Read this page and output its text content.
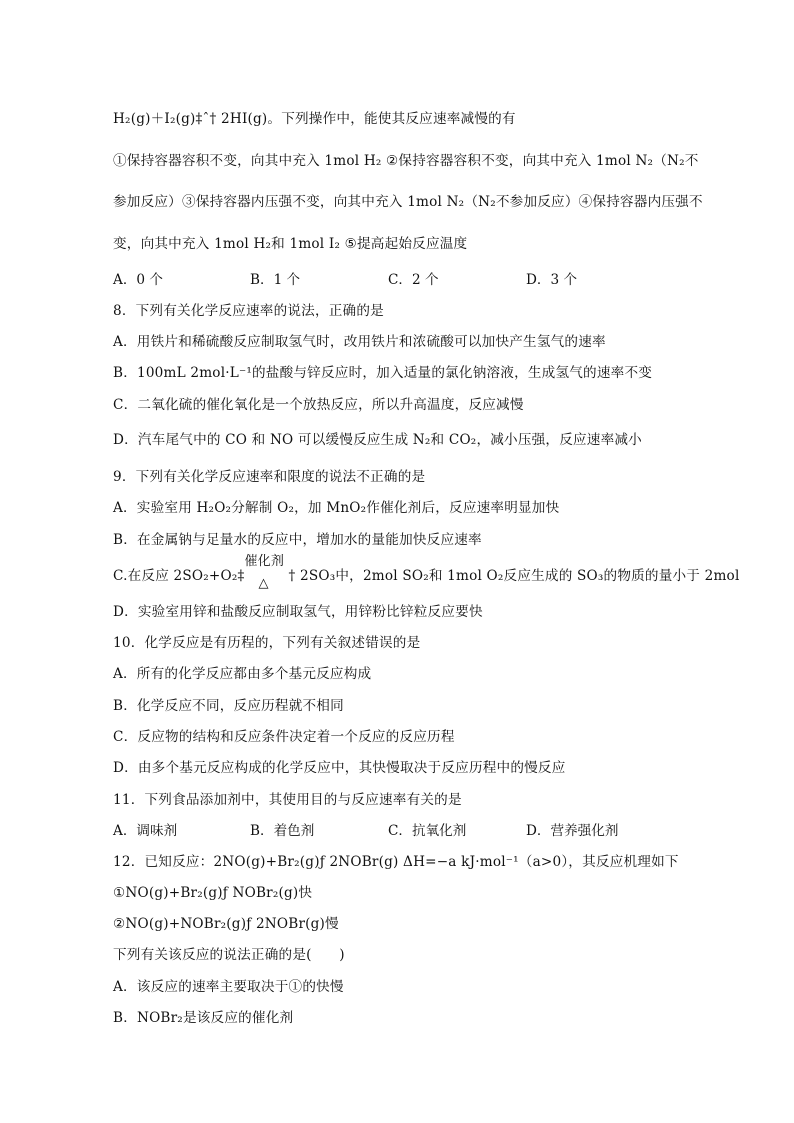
H₂(g)＋I₂(g)‡ˆ† 2HI(g)。下列操作中，能使其反应速率减慢的有
①保持容器容积不变，向其中充入 1mol H₂ ②保持容器容积不变，向其中充入 1mol N₂（N₂不
参加反应）③保持容器内压强不变，向其中充入 1mol N₂（N₂不参加反应）④保持容器内压强不
变，向其中充入 1mol H₂和 1mol I₂ ⑤提高起始反应温度
A．0 个	B．1 个	C．2 个	D．3 个
8．下列有关化学反应速率的说法，正确的是
A．用铁片和稀硫酸反应制取氢气时，改用铁片和浓硫酸可以加快产生氢气的速率
B．100mL 2mol·L⁻¹的盐酸与锌反应时，加入适量的氯化钠溶液，生成氢气的速率不变
C．二氧化硫的催化氧化是一个放热反应，所以升高温度，反应减慢
D．汽车尾气中的 CO 和 NO 可以缓慢反应生成 N₂和 CO₂，减小压强，反应速率减小
9．下列有关化学反应速率和限度的说法不正确的是
A．实验室用 H₂O₂分解制 O₂，加 MnO₂作催化剂后，反应速率明显加快
B．在金属钠与足量水的反应中，增加水的量能加快反应速率
C.在反应 2SO₂+O₂‡
催化剂
△ † 2SO₃中，2mol SO₂和 1mol O₂反应生成的 SO₃的物质的量小于 2mol
D．实验室用锌和盐酸反应制取氢气，用锌粉比锌粒反应要快
10．化学反应是有历程的，下列有关叙述错误的是
A．所有的化学反应都由多个基元反应构成
B．化学反应不同，反应历程就不相同
C．反应物的结构和反应条件决定着一个反应的反应历程
D．由多个基元反应构成的化学反应中，其快慢取决于反应历程中的慢反应
11．下列食品添加剂中，其使用目的与反应速率有关的是
A．调味剂	B．着色剂	C．抗氧化剂	D．营养强化剂
12．已知反应：2NO(g)+Br₂(g)ƒ 2NOBr(g) ΔH=−a kJ·mol⁻¹（a>0），其反应机理如下
①NO(g)+Br₂(g)ƒ NOBr₂(g)快
②NO(g)+NOBr₂(g)ƒ 2NOBr(g)慢
下列有关该反应的说法正确的是(　　)
A．该反应的速率主要取决于①的快慢
B．NOBr₂是该反应的催化剂
